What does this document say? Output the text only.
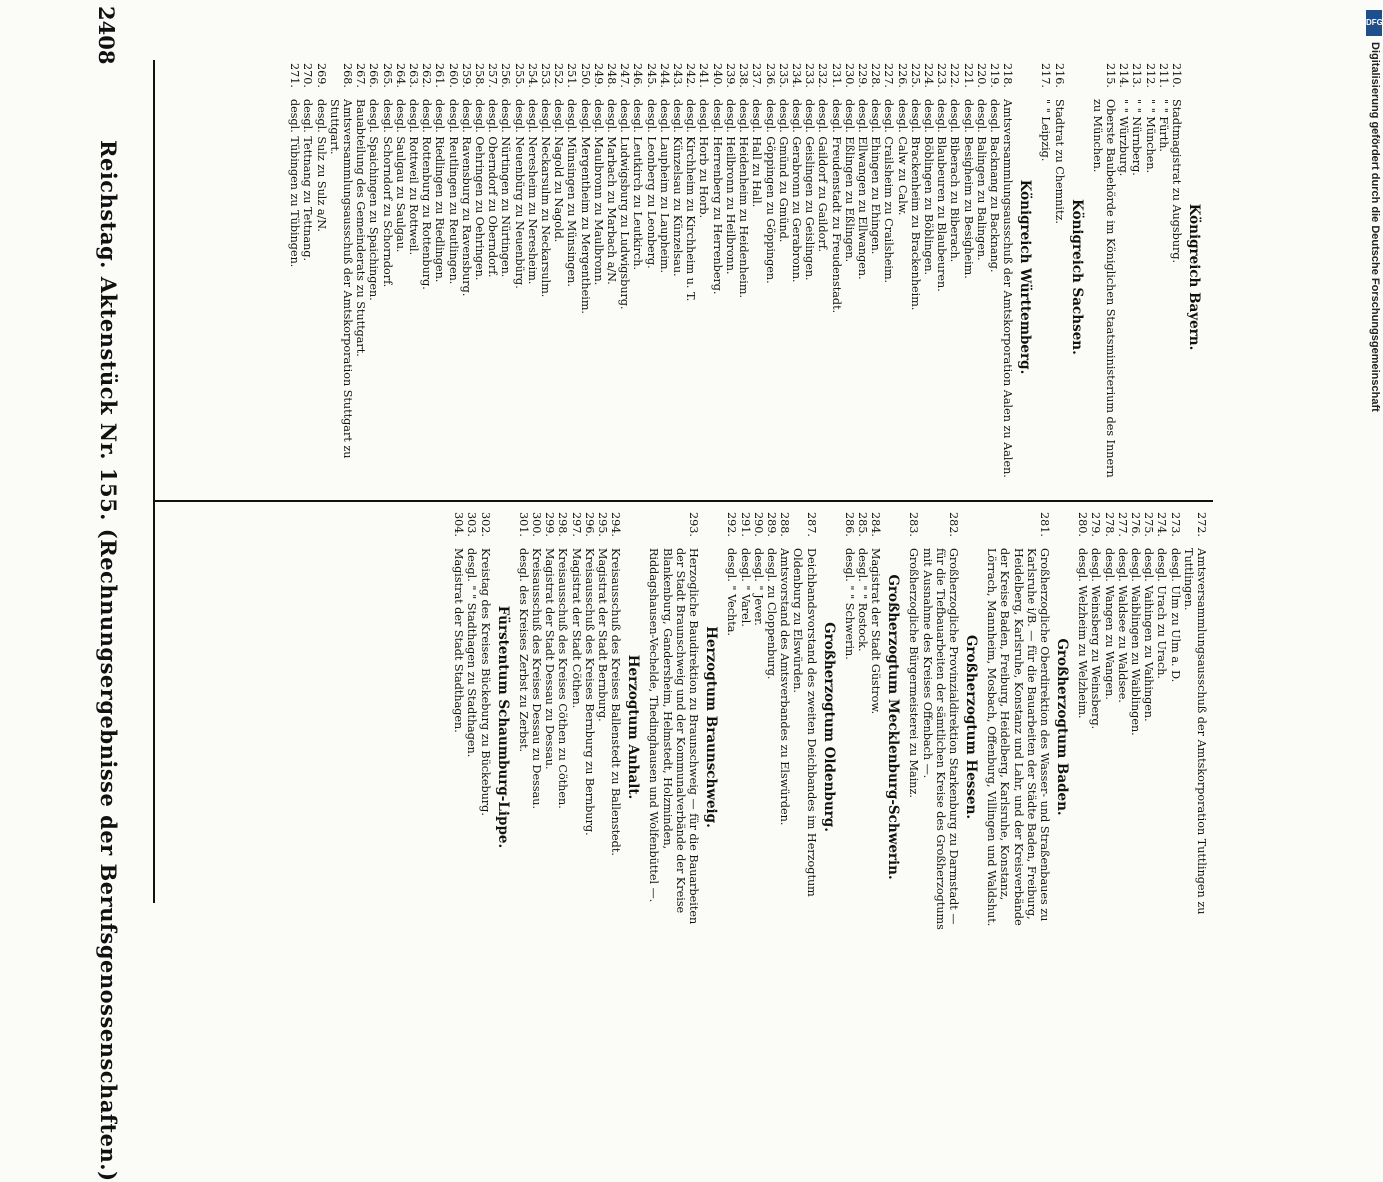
2408
Reichstag. Aktenstück Nr. 155. (Rechnungsergebnisse der Berufsgenossenschaften.)	Königreich Bayern.
210.
Stadtmagistrat zu Augsburg.
211.
" " Fürth.
212.
" " München.
213.
" " Nürnberg.
214.
" " Würzburg.
215.
Oberste Baubehörde im Königlichen Staatsministerium des Innern zu München.
Königreich Sachsen.
216.
Stadtrat zu Chemnitz.
217.
" " Leipzig.
Königreich Württemberg.
218.
Amtsversammlungsausschuß der Amtskorporation Aalen zu Aalen.
219.
desgl. Backnang zu Backnang.
220.
desgl. Balingen zu Balingen.
221.
desgl. Besigheim zu Besigheim.
222.
desgl. Biberach zu Biberach.
223.
desgl. Blaubeuren zu Blaubeuren.
224.
desgl. Böblingen zu Böblingen.
225.
desgl. Brackenheim zu Brackenheim.
226.
desgl. Calw zu Calw.
227.
desgl. Crailsheim zu Crailsheim.
228.
desgl. Ehingen zu Ehingen.
229.
desgl. Ellwangen zu Ellwangen.
230.
desgl. Eßlingen zu Eßlingen.
231.
desgl. Freudenstadt zu Freudenstadt.
232.
desgl. Gaildorf zu Gaildorf.
233.
desgl. Geislingen zu Geislingen.
234.
desgl. Gerabronn zu Gerabronn.
235.
desgl. Gmünd zu Gmünd.
236.
desgl. Göppingen zu Göppingen.
237.
desgl. Hall zu Hall.
238.
desgl. Heidenheim zu Heidenheim.
239.
desgl. Heilbronn zu Heilbronn.
240.
desgl. Herrenberg zu Herrenberg.
241.
desgl. Horb zu Horb.
242.
desgl. Kirchheim zu Kirchheim u. T.
243.
desgl. Künzelsau zu Künzelsau.
244.
desgl. Laupheim zu Laupheim.
245.
desgl. Leonberg zu Leonberg.
246.
desgl. Leutkirch zu Leutkirch.
247.
desgl. Ludwigsburg zu Ludwigsburg.
248.
desgl. Marbach zu Marbach a/N.
249.
desgl. Maulbronn zu Maulbronn.
250.
desgl. Mergentheim zu Mergentheim.
251.
desgl. Münsingen zu Münsingen.
252.
desgl. Nagold zu Nagold.
253.
desgl. Neckarsulm zu Neckarsulm.
254.
desgl. Neresheim zu Neresheim.
255.
desgl. Neuenbürg zu Neuenbürg.
256.
desgl. Nürtingen zu Nürtingen.
257.
desgl. Oberndorf zu Oberndorf.
258.
desgl. Oehringen zu Oehringen.
259.
desgl. Ravensburg zu Ravensburg.
260.
desgl. Reutlingen zu Reutlingen.
261.
desgl. Riedlingen zu Riedlingen.
262.
desgl. Rottenburg zu Rottenburg.
263.
desgl. Rottweil zu Rottweil.
264.
desgl. Saulgau zu Saulgau.
265.
desgl. Schorndorf zu Schorndorf.
266.
desgl. Spaichingen zu Spaichingen.
267.
Bauabteilung des Gemeinderats zu Stuttgart.
268.
Amtsversammlungsausschuß der Amtskorporation Stuttgart zu Stuttgart.
269.
desgl. Sulz zu Sulz a/N.
270.
desgl. Tettnang zu Tettnang.
271.
desgl. Tübingen zu Tübingen.
272.
Amtsversammlungsausschuß der Amtskorporation Tuttlingen zu Tuttlingen.
273.
desgl. Ulm zu Ulm a. D.
274.
desgl. Urach zu Urach.
275.
desgl. Vaihingen zu Vaihingen.
276.
desgl. Waiblingen zu Waiblingen.
277.
desgl. Waldsee zu Waldsee.
278.
desgl. Wangen zu Wangen.
279.
desgl. Weinsberg zu Weinsberg.
280.
desgl. Welzheim zu Welzheim.
Großherzogtum Baden.
281.
Großherzogliche Oberdirektion des Wasser- und Straßenbaues zu Karlsruhe i/B. — für die Bauarbeiten der Städte Baden, Freiburg, Heidelberg, Karlsruhe, Konstanz und Lahr, und der Kreisverbände der Kreise Baden, Freiburg, Heidelberg, Karlsruhe, Konstanz, Lörrach, Mannheim, Mosbach, Offenburg, Villingen und Waldshut.
Großherzogtum Hessen.
282.
Großherzogliche Provinzialdirektion Starkenburg zu Darmstadt — für die Tiefbauarbeiten der sämtlichen Kreise des Großherzogtums mit Ausnahme des Kreises Offenbach —.
283.
Großherzogliche Bürgermeisterei zu Mainz.
Großherzogtum Mecklenburg-Schwerin.
284.
Magistrat der Stadt Güstrow.
285.
desgl. " " Rostock.
286.
desgl. " " Schwerin.
Großherzogtum Oldenburg.
287.
Deichbandsvorstand des zweiten Deichbandes im Herzogtum Oldenburg zu Elswürden.
288.
Amtsvorstand des Amtsverbandes zu Elswürden.
289.
desgl. zu Cloppenburg.
290.
desgl. " Jever.
291.
desgl. " Varel.
292.
desgl. " Vechta.
Herzogtum Braunschweig.
293.
Herzogliche Baudirektion zu Braunschweig — für die Bauarbeiten der Stadt Braunschweig und der Kommunalverbände der Kreise Blankenburg, Gandersheim, Helmstedt, Holzminden, Riddagshausen-Vechelde, Thedinghausen und Wolfenbüttel —.
Herzogtum Anhalt.
294.
Kreisausschuß des Kreises Ballenstedt zu Ballenstedt.
295.
Magistrat der Stadt Bernburg.
296.
Kreisausschuß des Kreises Bernburg zu Bernburg.
297.
Magistrat der Stadt Cöthen.
298.
Kreisausschuß des Kreises Cöthen zu Cöthen.
299.
Magistrat der Stadt Dessau zu Dessau.
300.
Kreisausschuß des Kreises Dessau zu Dessau.
301.
desgl. des Kreises Zerbst zu Zerbst.
Fürstentum Schaumburg-Lippe.
302.
Kreistag des Kreises Bückeburg zu Bückeburg.
303.
desgl. " " Stadthagen zu Stadthagen.
304.
Magistrat der Stadt Stadthagen.
DFG
Digitalisierung gefördert durch die Deutsche Forschungsgemeinschaft
